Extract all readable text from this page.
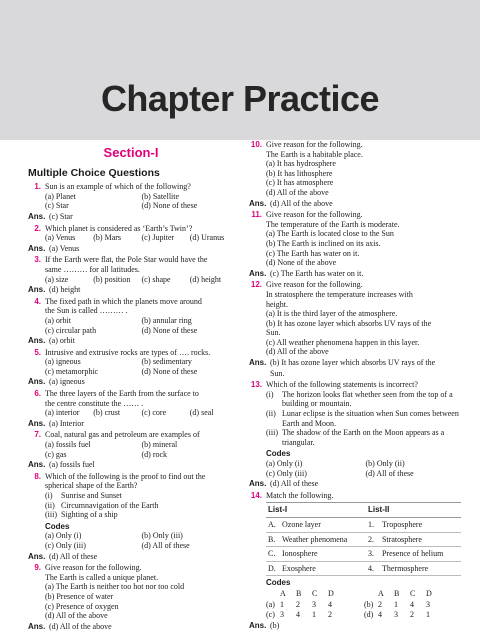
Chapter Practice
Section-I
Multiple Choice Questions
1. Sun is an example of which of the following?
(a) Planet	(b) Satellite
(c) Star	(d) None of these
Ans. (c) Star
2. Which planet is considered as ‘Earth’s Twin’?
(a) Venus	(b) Mars	(c) Jupiter	(d) Uranus
Ans. (a) Venus
3. If the Earth were flat, the Pole Star would have the
same ……… for all latitudes.
(a) size	(b) position	(c) shape	(d) height
Ans. (d) height
4. The fixed path in which the planets move around
the Sun is called ……… .
(a) orbit	(b) annular ring
(c) circular path	(d) None of these
Ans. (a) orbit
5. Intrusive and extrusive rocks are types of …. rocks.
(a) igneous	(b) sedimentary
(c) metamorphic	(d) None of these
Ans. (a) igneous
6. The three layers of the Earth from the surface to
the centre constitute the …… .
(a) interior	(b) crust	(c) core	(d) seal
Ans. (a) Interior
7. Coal, natural gas and petroleum are examples of
(a) fossils fuel	(b) mineral
(c) gas	(d) rock
Ans. (a) fossils fuel
8. Which of the following is the proof to find out the
spherical shape of the Earth?
(i)	Sunrise and Sunset
(ii) Circumnavigation of the Earth
(iii) Sighting of a ship
Codes
(a) Only (i)	(b) Only (iii)
(c) Only (iii)	(d) All of these
Ans. (d) All of these
9. Give reason for the following.
The Earth is called a unique planet.
(a) The Earth is neither too hot nor too cold
(b) Presence of water
(c) Presence of oxygen
(d) All of the above
Ans. (d) All of the above
10. Give reason for the following.
The Earth is a habitable place.
(a) It has hydrosphere
(b) It has lithosphere
(c) It has atmosphere
(d) All of the above
Ans. (d) All of the above
11. Give reason for the following.
The temperature of the Earth is moderate.
(a) The Earth is located close to the Sun
(b) The Earth is inclined on its axis.
(c) The Earth has water on it.
(d) None of the above
Ans. (c) The Earth has water on it.
12. Give reason for the following.
In stratosphere the temperature increases with
height.
(a) It is the third layer of the atmosphere.
(b) It has ozone layer which absorbs UV rays of the
Sun.
(c) All weather phenomena happen in this layer.
(d) All of the above
Ans. (b) It has ozone layer which absorbs UV rays of the
Sun.
13. Which of the following statements is incorrect?
(i)	The horizon looks flat whether seen from the top of a building or mountain.
(ii) Lunar eclipse is the situation when Sun comes between Earth and Moon.
(iii) The shadow of the Earth on the Moon appears as a triangular.
Codes
(a) Only (i)	(b) Only (ii)
(c) Only (iii)	(d) All of these
Ans. (d) All of these
14. Match the following.
List-I		List-II	
A.	Ozone layer	1.	Troposphere
B.	Weather phenomena	2.	Stratosphere
C.	Ionosphere	3.	Presence of helium
D.	Exosphere	4.	Thermosphere
Codes
A	B	C	D	A	B	C	D
(a) 1	2	3	4	(b) 2	1	4	3
(c) 3	4	1	2	(d) 4	3	2	1
Ans. (b)
